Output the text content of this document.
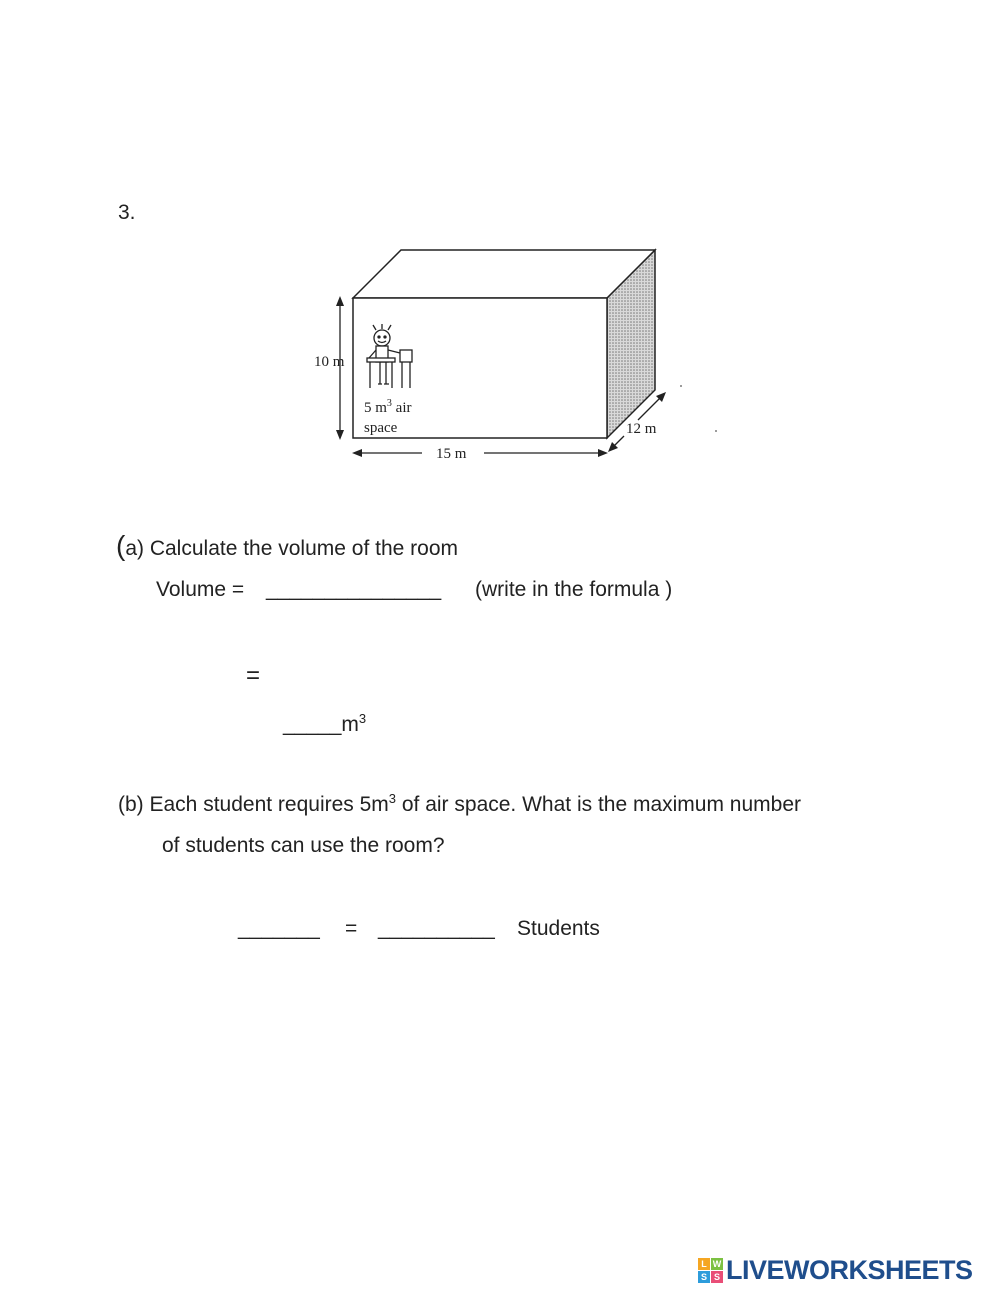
3.
10 m
15 m
12 m
5 $m^3$ air
space
(a) Calculate the volume of the room
Volume = _______________ (write in the formula )
=
$\_\_\_\_\_m^3$
(b) Each student requires $5m^3$ of air space. What is the maximum number
of students can use the room?
_______ = __________ Students
L W
S S LIVEWORKSHEETS
